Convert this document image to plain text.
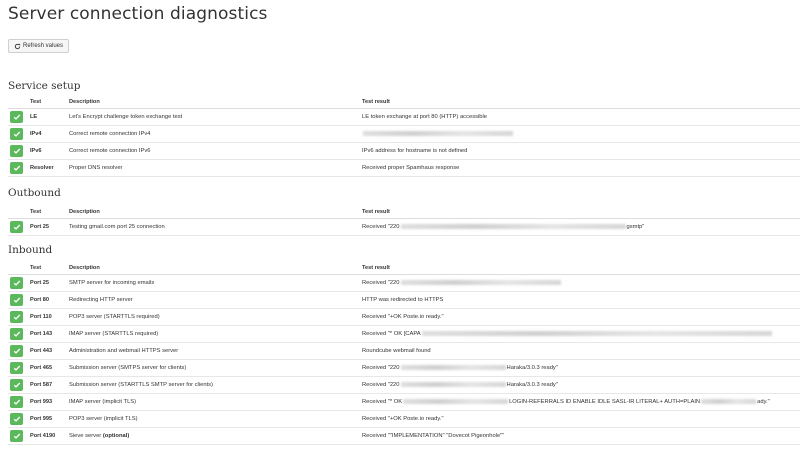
Server connection diagnostics
Refresh values
Service setup
	Test	Description	Test result

	LE	Let's Encrypt challenge token exchange test	LE token exchange at port 80 (HTTP) accessible

	IPv4	Correct remote connection IPv4	

	IPv6	Correct remote connection IPv6	IPv6 address for hostname is not defined

	Resolver	Proper DNS resolver	Received proper Spamhaus response
Outbound
	Test	Description	Test result

	Port 25	Testing gmail.com port 25 connection	Received "220 gsmtp"
Inbound
	Test	Description	Test result

	Port 25	SMTP server for incoming emails	Received "220

	Port 80	Redirecting HTTP server	HTTP was redirected to HTTPS

	Port 110	POP3 server (STARTTLS required)	Received "+OK Poste.io ready."

	Port 143	IMAP server (STARTTLS required)	Received "* OK [CAPA

	Port 443	Administration and webmail HTTPS server	Roundcube webmail found

	Port 465	Submission server (SMTPS server for clients)	Received "220 Haraka/3.0.3 ready"

	Port 587	Submission server (STARTTLS SMTP server for clients)	Received "220 Haraka/3.0.3 ready"

	Port 993	IMAP server (implicit TLS)	Received "* OK LOGIN-REFERRALS ID ENABLE IDLE SASL-IR LITERAL+ AUTH=PLAIN ady."

	Port 995	POP3 server (implicit TLS)	Received "+OK Poste.io ready."

	Port 4190	Sieve server (optional)	Received ""IMPLEMENTATION" "Dovecot Pigeonhole""
